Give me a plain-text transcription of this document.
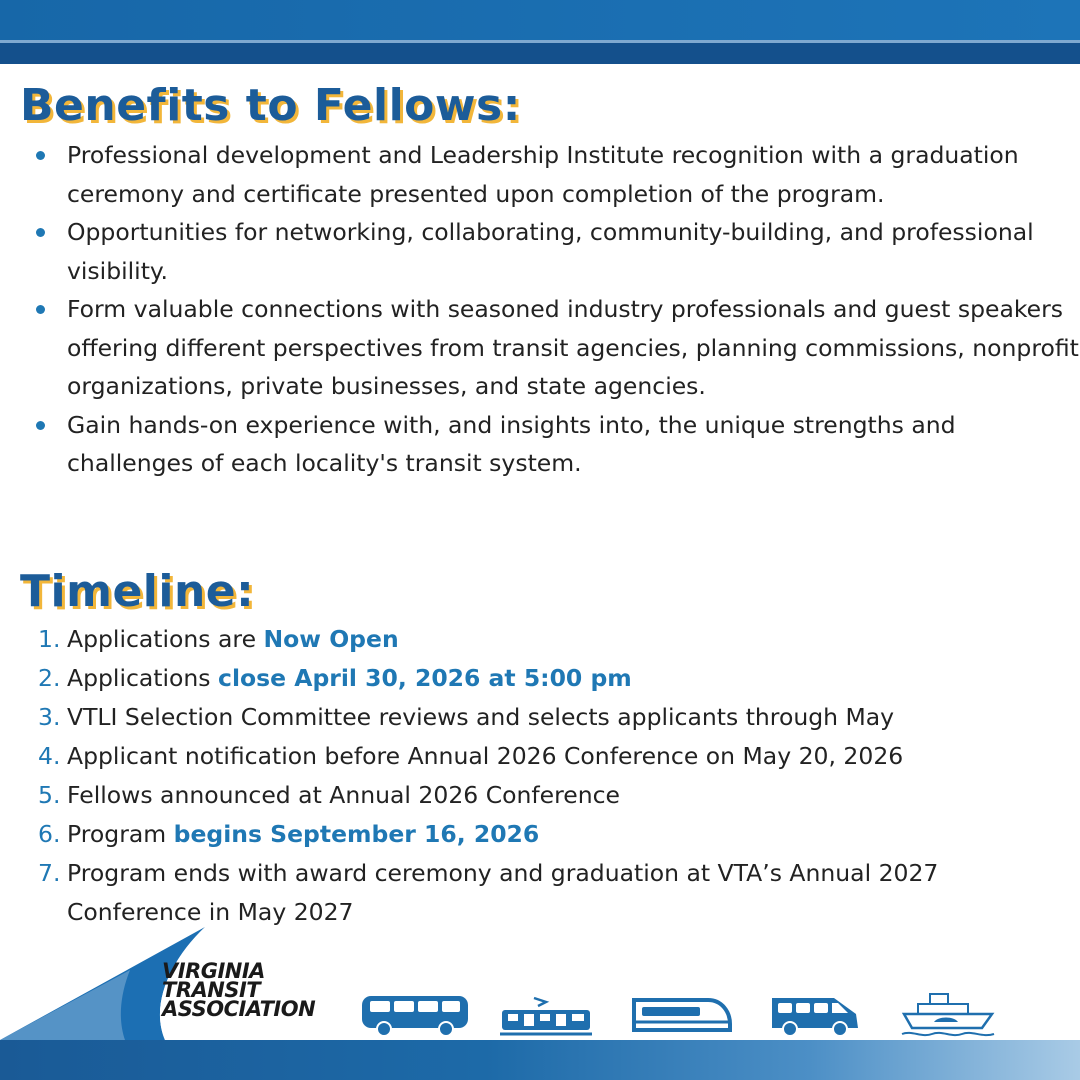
Benefits to Fellows:
Professional development and Leadership Institute recognition with a graduation ceremony and certificate presented upon completion of the program.
Opportunities for networking, collaborating, community-building, and professional visibility.
Form valuable connections with seasoned industry professionals and guest speakers offering different perspectives from transit agencies, planning commissions, nonprofit organizations, private businesses, and state agencies.
Gain hands-on experience with, and insights into, the unique strengths and challenges of each locality's transit system.
Timeline:
1. Applications are Now Open
2. Applications close April 30, 2026 at 5:00 pm
3. VTLI Selection Committee reviews and selects applicants through May
4. Applicant notification before Annual 2026 Conference on May 20, 2026
5. Fellows announced at Annual 2026 Conference
6. Program begins September 16, 2026
7. Program ends with award ceremony and graduation at VTA’s Annual 2027 Conference in May 2027
VIRGINIA
TRANSIT
ASSOCIATION
